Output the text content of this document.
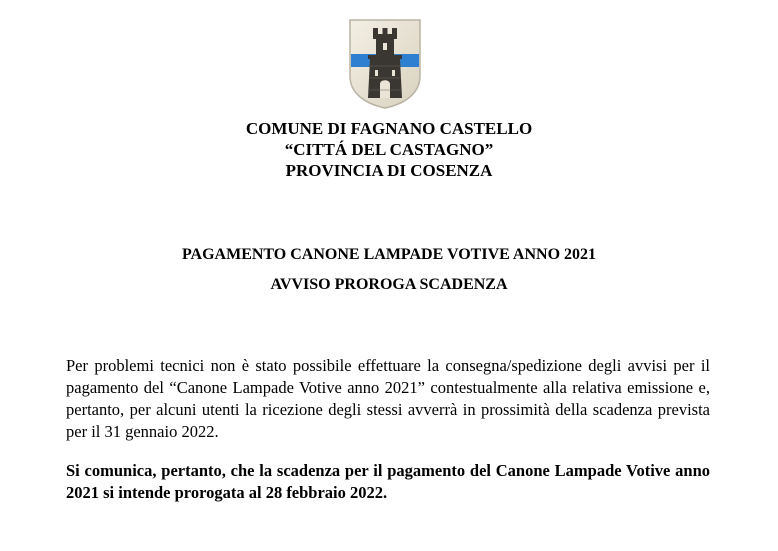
COMUNE DI FAGNANO CASTELLO
“CITTÁ DEL CASTAGNO”
PROVINCIA DI COSENZA
PAGAMENTO CANONE LAMPADE VOTIVE ANNO 2021
AVVISO PROROGA SCADENZA
Per problemi tecnici non è stato possibile effettuare la consegna/spedizione degli avvisi per il pagamento del “Canone Lampade Votive anno 2021” contestualmente alla relativa emissione e, pertanto, per alcuni utenti la ricezione degli stessi avverrà in prossimità della scadenza prevista per il 31 gennaio 2022.
Si comunica, pertanto, che la scadenza per il pagamento del Canone Lampade Votive anno 2021 si intende prorogata al 28 febbraio 2022.
